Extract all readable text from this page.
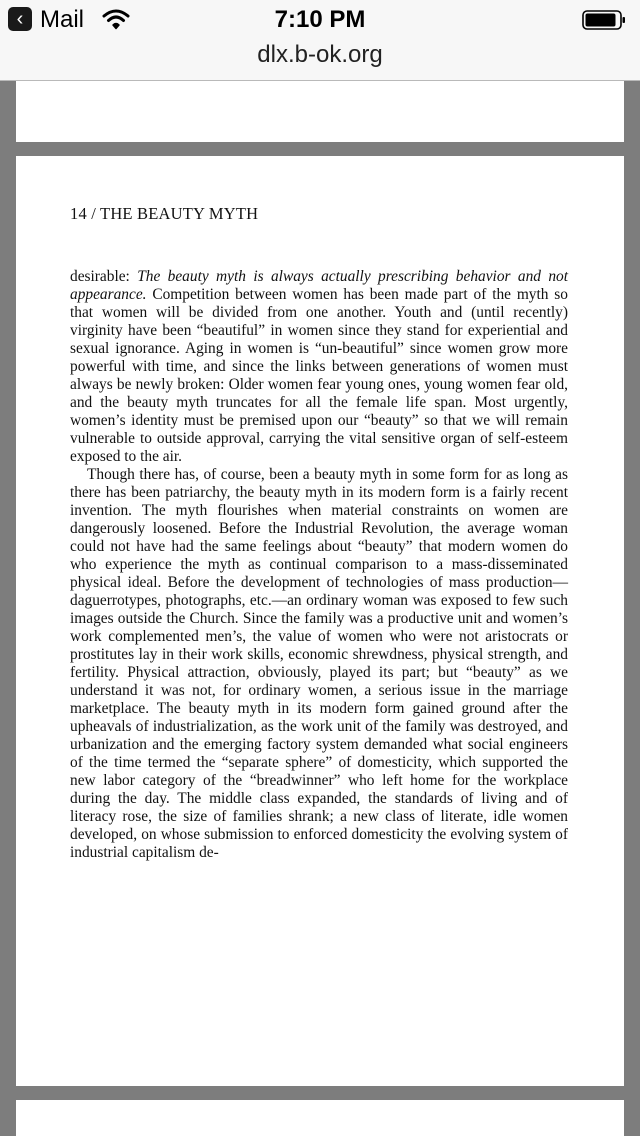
‹ Mail	7:10 PM
dlx.b-ok.org
14 / THE BEAUTY MYTH

desirable: The beauty myth is always actually prescribing behavior and not appearance. Competition between women has been made part of the myth so that women will be divided from one another. Youth and (until recently) virginity have been “beautiful” in women since they stand for experiential and sexual ignorance. Aging in women is “un-beautiful” since women grow more powerful with time, and since the links between generations of women must always be newly broken: Older women fear young ones, young women fear old, and the beauty myth truncates for all the female life span. Most urgently, women’s identity must be premised upon our “beauty” so that we will remain vulnerable to outside approval, carrying the vital sensitive organ of self-esteem exposed to the air.

Though there has, of course, been a beauty myth in some form for as long as there has been patriarchy, the beauty myth in its modern form is a fairly recent invention. The myth flourishes when material constraints on women are dangerously loosened. Before the Industrial Revolution, the average woman could not have had the same feelings about “beauty” that modern women do who experience the myth as continual comparison to a mass-disseminated physical ideal. Before the development of technologies of mass production—daguerrotypes, photographs, etc.—an ordinary woman was exposed to few such images outside the Church. Since the family was a productive unit and women’s work complemented men’s, the value of women who were not aristocrats or prostitutes lay in their work skills, economic shrewdness, physical strength, and fertility. Physical attraction, obviously, played its part; but “beauty” as we understand it was not, for ordinary women, a serious issue in the marriage marketplace. The beauty myth in its modern form gained ground after the upheavals of industrialization, as the work unit of the family was destroyed, and urbanization and the emerging factory system demanded what social engineers of the time termed the “separate sphere” of domesticity, which supported the new labor category of the “breadwinner” who left home for the workplace during the day. The middle class expanded, the standards of living and of literacy rose, the size of families shrank; a new class of literate, idle women developed, on whose submission to enforced domesticity the evolving system of industrial capitalism de-
